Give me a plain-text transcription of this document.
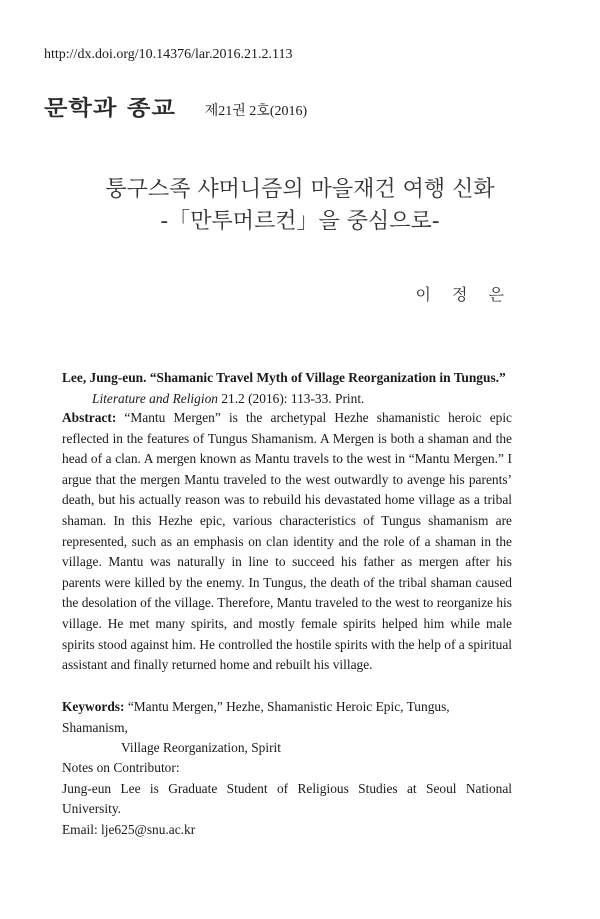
http://dx.doi.org/10.14376/lar.2016.21.2.113
문학과 종교 제21권 2호(2016)
퉁구스족 샤머니즘의 마을재건 여행 신화
-「만투머르컨」을 중심으로-
이 정 은
Lee, Jung-eun. “Shamanic Travel Myth of Village Reorganization in Tungus.”
Literature and Religion 21.2 (2016): 113-33. Print.
Abstract: “Mantu Mergen” is the archetypal Hezhe shamanistic heroic epic reflected in the features of Tungus Shamanism. A Mergen is both a shaman and the head of a clan. A mergen known as Mantu travels to the west in “Mantu Mergen.” I argue that the mergen Mantu traveled to the west outwardly to avenge his parents’ death, but his actually reason was to rebuild his devastated home village as a tribal shaman. In this Hezhe epic, various characteristics of Tungus shamanism are represented, such as an emphasis on clan identity and the role of a shaman in the village. Mantu was naturally in line to succeed his father as mergen after his parents were killed by the enemy. In Tungus, the death of the tribal shaman caused the desolation of the village. Therefore, Mantu traveled to the west to reorganize his village. He met many spirits, and mostly female spirits helped him while male spirits stood against him. He controlled the hostile spirits with the help of a spiritual assistant and finally returned home and rebuilt his village.
Keywords: “Mantu Mergen,” Hezhe, Shamanistic Heroic Epic, Tungus, Shamanism,
Village Reorganization, Spirit
Notes on Contributor:
Jung-eun Lee is Graduate Student of Religious Studies at Seoul National University.
Email: lje625@snu.ac.kr
